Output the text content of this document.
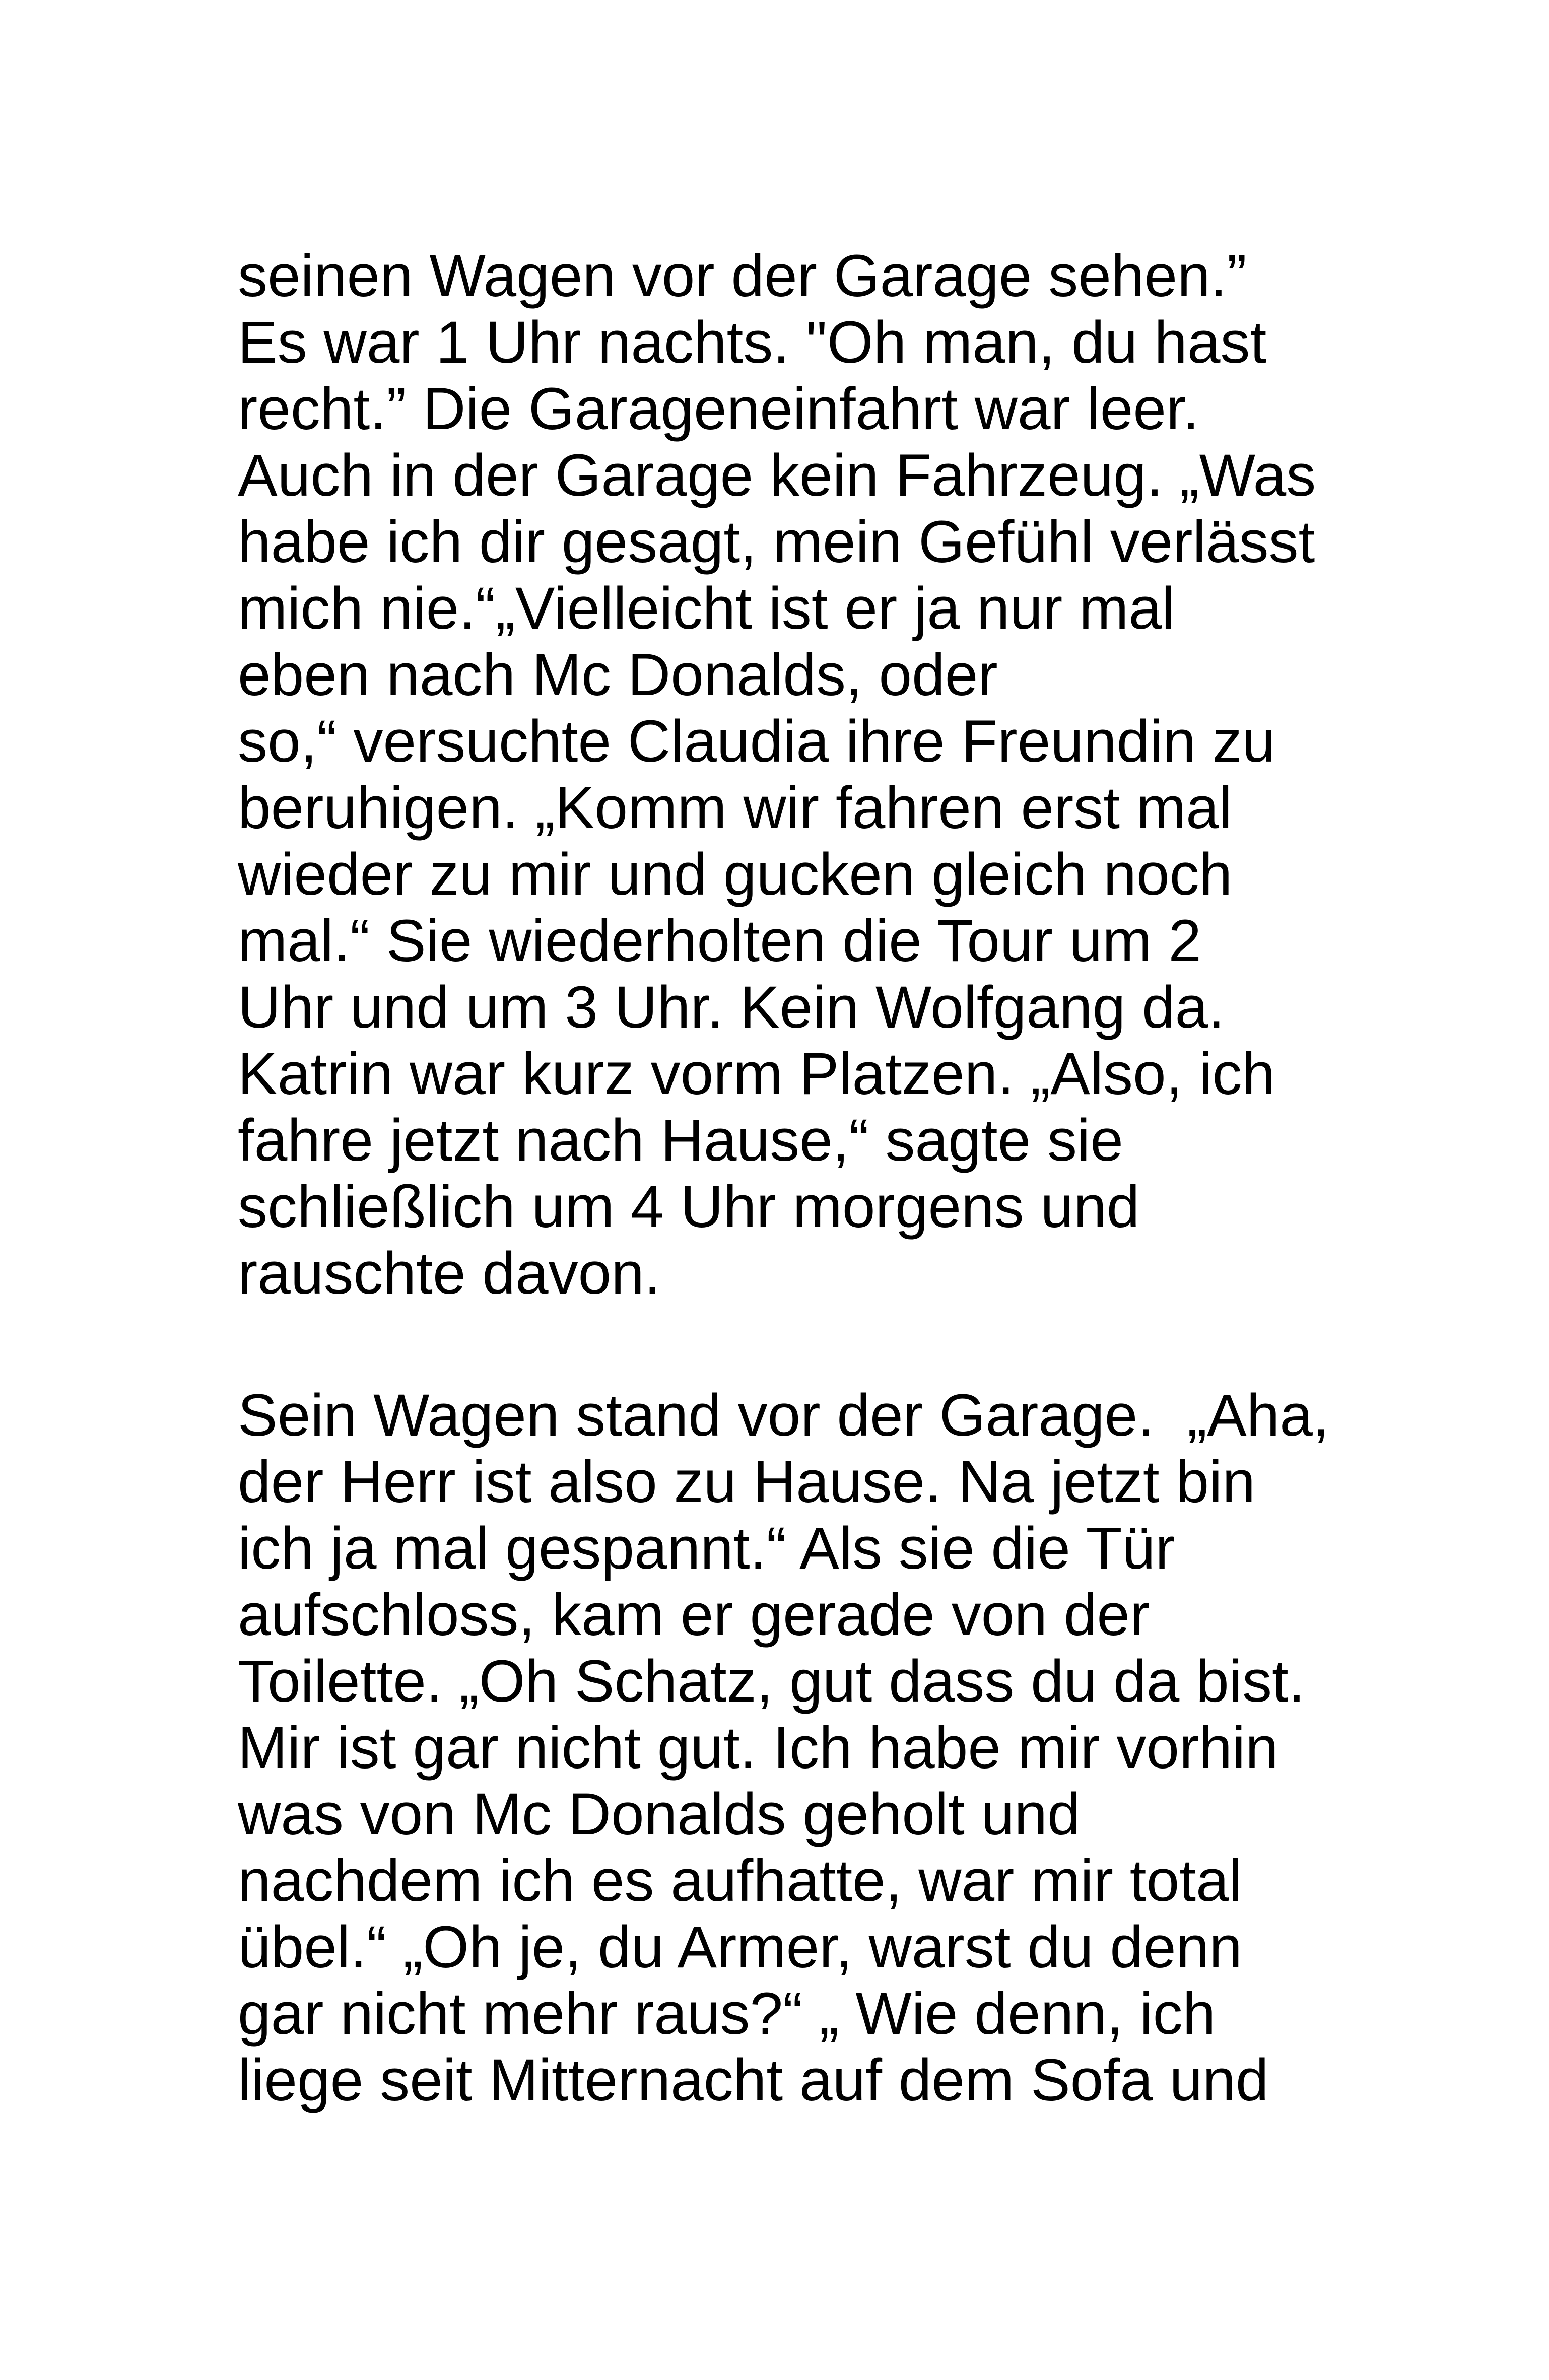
seinen Wagen vor der Garage sehen.”
Es war 1 Uhr nachts. "Oh man, du hast
recht.” Die Garageneinfahrt war leer.
Auch in der Garage kein Fahrzeug. „Was
habe ich dir gesagt, mein Gefühl verlässt
mich nie.“„Vielleicht ist er ja nur mal
eben nach Mc Donalds, oder
so,“ versuchte Claudia ihre Freundin zu
beruhigen. „Komm wir fahren erst mal
wieder zu mir und gucken gleich noch
mal.“ Sie wiederholten die Tour um 2
Uhr und um 3 Uhr. Kein Wolfgang da.
Katrin war kurz vorm Platzen. „Also, ich
fahre jetzt nach Hause,“ sagte sie
schließlich um 4 Uhr morgens und
rauschte davon.
Sein Wagen stand vor der Garage.  „Aha,
der Herr ist also zu Hause. Na jetzt bin
ich ja mal gespannt.“ Als sie die Tür
aufschloss, kam er gerade von der
Toilette. „Oh Schatz, gut dass du da bist.
Mir ist gar nicht gut. Ich habe mir vorhin
was von Mc Donalds geholt und
nachdem ich es aufhatte, war mir total
übel.“ „Oh je, du Armer, warst du denn
gar nicht mehr raus?“ „ Wie denn, ich
liege seit Mitternacht auf dem Sofa und
